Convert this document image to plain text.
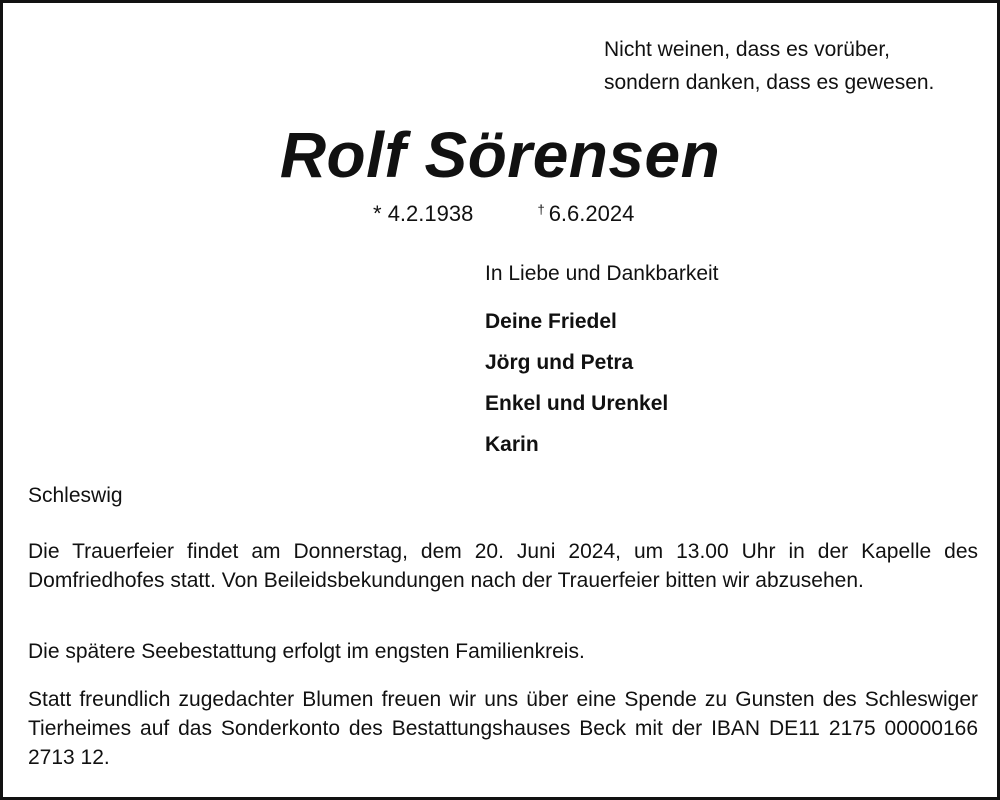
Nicht weinen, dass es vorüber,
sondern danken, dass es gewesen.
Rolf Sörensen
* 4.2.1938	† 6.6.2024
In Liebe und Dankbarkeit
Deine Friedel
Jörg und Petra
Enkel und Urenkel
Karin
Schleswig

Die Trauerfeier findet am Donnerstag, dem 20. Juni 2024, um 13.00 Uhr in der Kapelle des Domfriedhofes statt. Von Beileidsbekundungen nach der Trauerfeier bitten wir abzusehen.

Die spätere Seebestattung erfolgt im engsten Familienkreis.

Statt freundlich zugedachter Blumen freuen wir uns über eine Spende zu Gunsten des Schleswiger Tierheimes auf das Sonderkonto des Bestattungshauses Beck mit der IBAN DE11 2175 00000166 2713 12.
